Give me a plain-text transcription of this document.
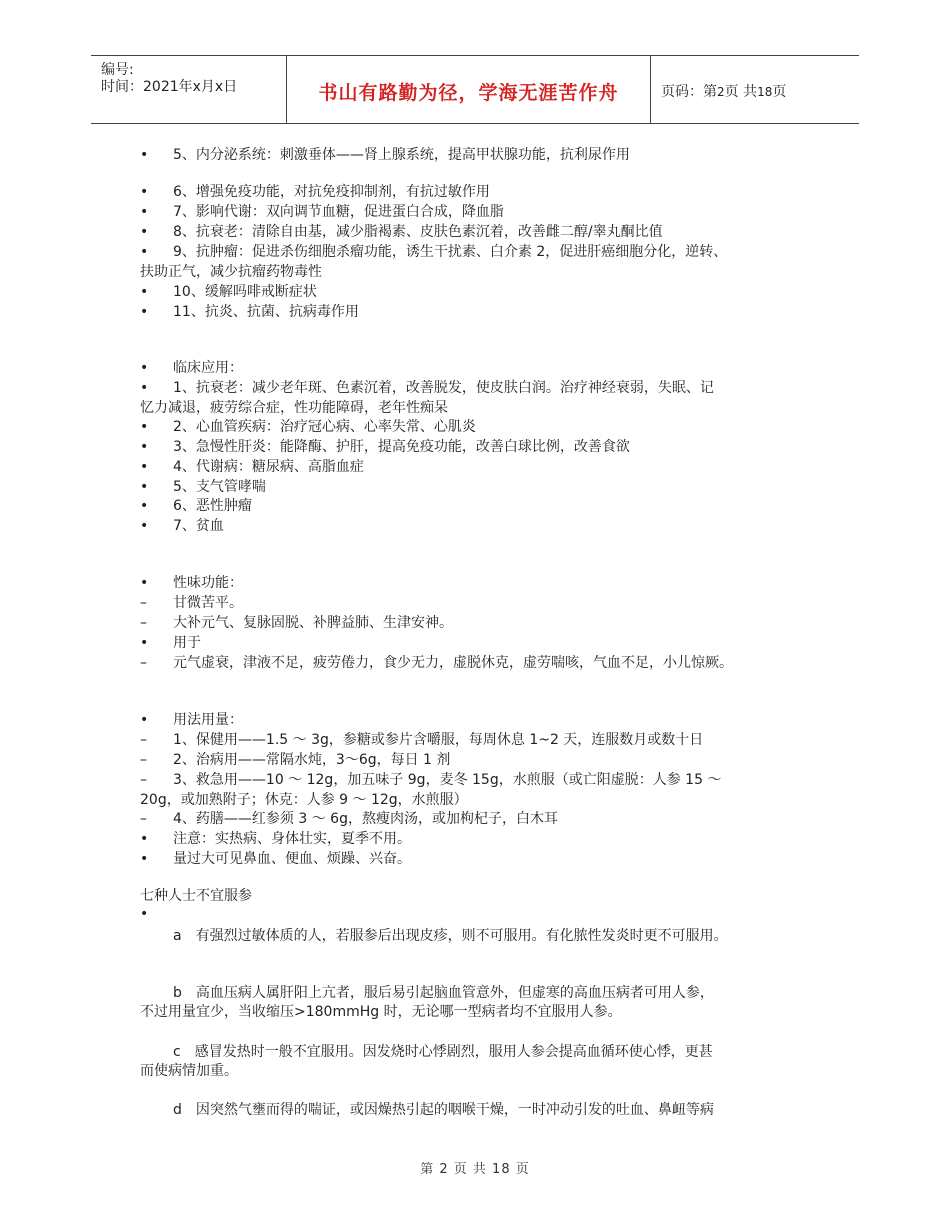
编号:
时间：2021年x月x日	书山有路勤为径，学海无涯苦作舟	页码：第2页 共18页
•	5、内分泌系统：刺激垂体——肾上腺系统，提高甲状腺功能，抗利尿作用
•	6、增强免疫功能，对抗免疫抑制剂，有抗过敏作用
•	7、影响代谢：双向调节血糖，促进蛋白合成，降血脂
•	8、抗衰老：清除自由基，减少脂褐素、皮肤色素沉着，改善雌二醇/睾丸酮比值
•	9、抗肿瘤：促进杀伤细胞杀瘤功能，诱生干扰素、白介素 2，促进肝癌细胞分化，逆转、
扶助正气，减少抗瘤药物毒性
•	10、缓解吗啡戒断症状
•	11、抗炎、抗菌、抗病毒作用
•	临床应用：
•	1、抗衰老：减少老年斑、色素沉着，改善脱发，使皮肤白润。治疗神经衰弱，失眠、记
忆力减退，疲劳综合症，性功能障碍，老年性痴呆
•	2、心血管疾病：治疗冠心病、心率失常、心肌炎
•	3、急慢性肝炎：能降酶、护肝，提高免疫功能，改善白球比例，改善食欲
•	4、代谢病：糖尿病、高脂血症
•	5、支气管哮喘
•	6、恶性肿瘤
•	7、贫血
•	性味功能：
–	甘微苦平。
–	大补元气、复脉固脱、补脾益肺、生津安神。
•	用于
–	元气虚衰，津液不足，疲劳倦力，食少无力，虚脱休克，虚劳喘咳，气血不足，小儿惊厥。
•	用法用量：
–	1、保健用——1.5 ～ 3g，参糖或参片含嚼服，每周休息 1~2 天，连服数月或数十日
–	2、治病用——常隔水炖，3～6g，每日 1 剂
–	3、救急用——10 ～ 12g，加五味子 9g，麦冬 15g，水煎服（或亡阳虚脱：人参 15 ～
20g，或加熟附子；休克：人参 9 ～ 12g，水煎服）
–	4、药膳——红参须 3 ～ 6g，熬瘦肉汤，或加枸杞子，白木耳
•	注意：实热病、身体壮实，夏季不用。
•	量过大可见鼻血、便血、烦躁、兴奋。
七种人士不宜服参
•
a　有强烈过敏体质的人，若服参后出现皮疹，则不可服用。有化脓性发炎时更不可服用。
b　高血压病人属肝阳上亢者，服后易引起脑血管意外，但虚寒的高血压病者可用人参，
不过用量宜少，当收缩压>180mmHg 时，无论哪一型病者均不宜服用人参。
c　感冒发热时一般不宜服用。因发烧时心悸剧烈，服用人参会提高血循环使心悸，更甚
而使病情加重。
d　因突然气壅而得的喘证，或因燥热引起的咽喉干燥，一时冲动引发的吐血、鼻衄等病
第 2 页 共 18 页
